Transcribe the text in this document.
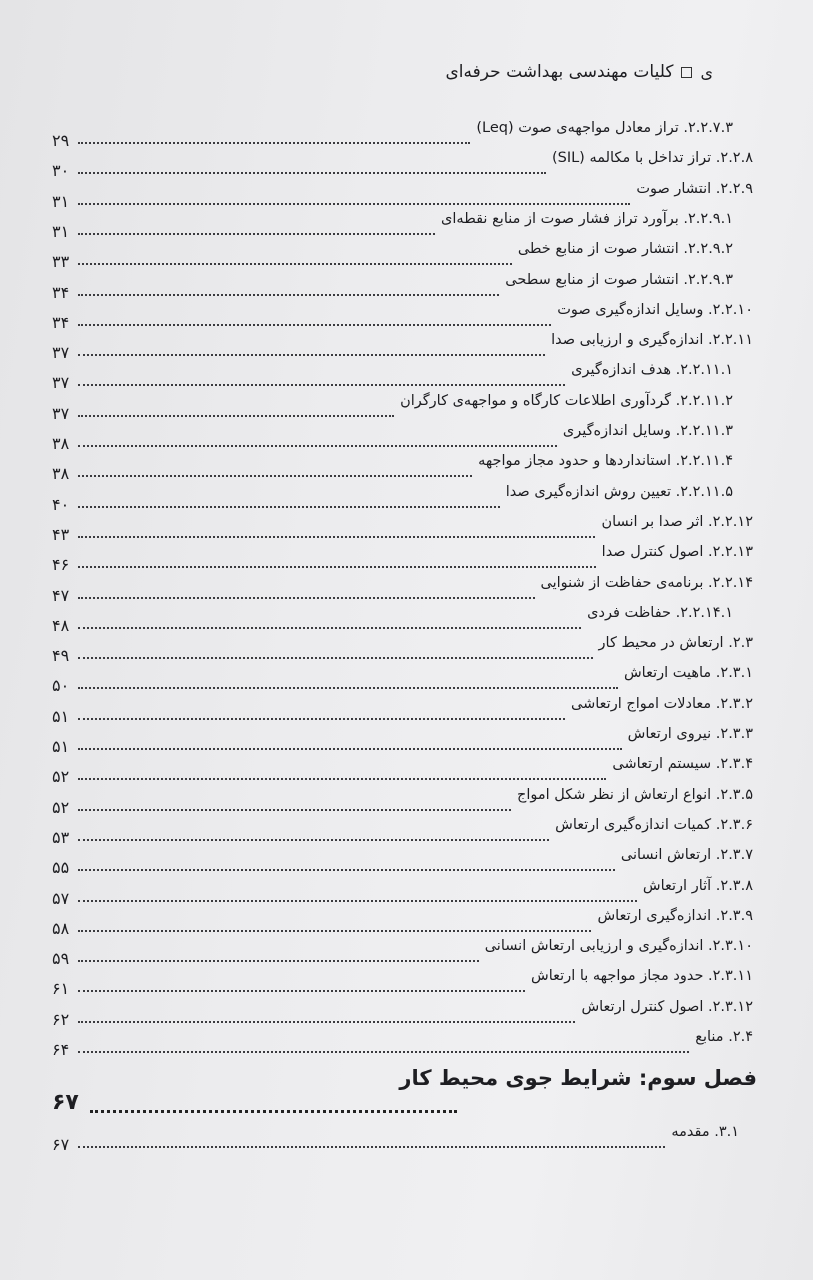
ی
کلیات مهندسی بهداشت حرفه‌ای
۲.۲.۷.۳. تراز معادل مواجهه‌ی صوت (Leq)
۲۹
۲.۲.۸. تراز تداخل با مکالمه (SIL)
۳۰
۲.۲.۹. انتشار صوت
۳۱
۲.۲.۹.۱. برآورد تراز فشار صوت از منابع نقطه‌ای
۳۱
۲.۲.۹.۲. انتشار صوت از منابع خطی
۳۳
۲.۲.۹.۳. انتشار صوت از منابع سطحی
۳۴
۲.۲.۱۰. وسایل اندازه‌گیری صوت
۳۴
۲.۲.۱۱. اندازه‌گیری و ارزیابی صدا
۳۷
۲.۲.۱۱.۱. هدف اندازه‌گیری
۳۷
۲.۲.۱۱.۲. گردآوری اطلاعات کارگاه و مواجهه‌ی کارگران
۳۷
۲.۲.۱۱.۳. وسایل اندازه‌گیری
۳۸
۲.۲.۱۱.۴. استانداردها و حدود مجاز مواجهه
۳۸
۲.۲.۱۱.۵. تعیین روش اندازه‌گیری صدا
۴۰
۲.۲.۱۲. اثر صدا بر انسان
۴۳
۲.۲.۱۳. اصول کنترل صدا
۴۶
۲.۲.۱۴. برنامه‌ی حفاظت از شنوایی
۴۷
۲.۲.۱۴.۱. حفاظت فردی
۴۸
۲.۳. ارتعاش در محیط کار
۴۹
۲.۳.۱. ماهیت ارتعاش
۵۰
۲.۳.۲. معادلات امواج ارتعاشی
۵۱
۲.۳.۳. نیروی ارتعاش
۵۱
۲.۳.۴. سیستم ارتعاشی
۵۲
۲.۳.۵. انواع ارتعاش از نظر شکل امواج
۵۲
۲.۳.۶. کمیات اندازه‌گیری ارتعاش
۵۳
۲.۳.۷. ارتعاش انسانی
۵۵
۲.۳.۸. آثار ارتعاش
۵۷
۲.۳.۹. اندازه‌گیری ارتعاش
۵۸
۲.۳.۱۰. اندازه‌گیری و ارزیابی ارتعاش انسانی
۵۹
۲.۳.۱۱. حدود مجاز مواجهه با ارتعاش
۶۱
۲.۳.۱۲. اصول کنترل ارتعاش
۶۲
۲.۴. منابع
۶۴
فصل سوم: شرایط جوی محیط کار
۶۷
۳.۱. مقدمه
۶۷
